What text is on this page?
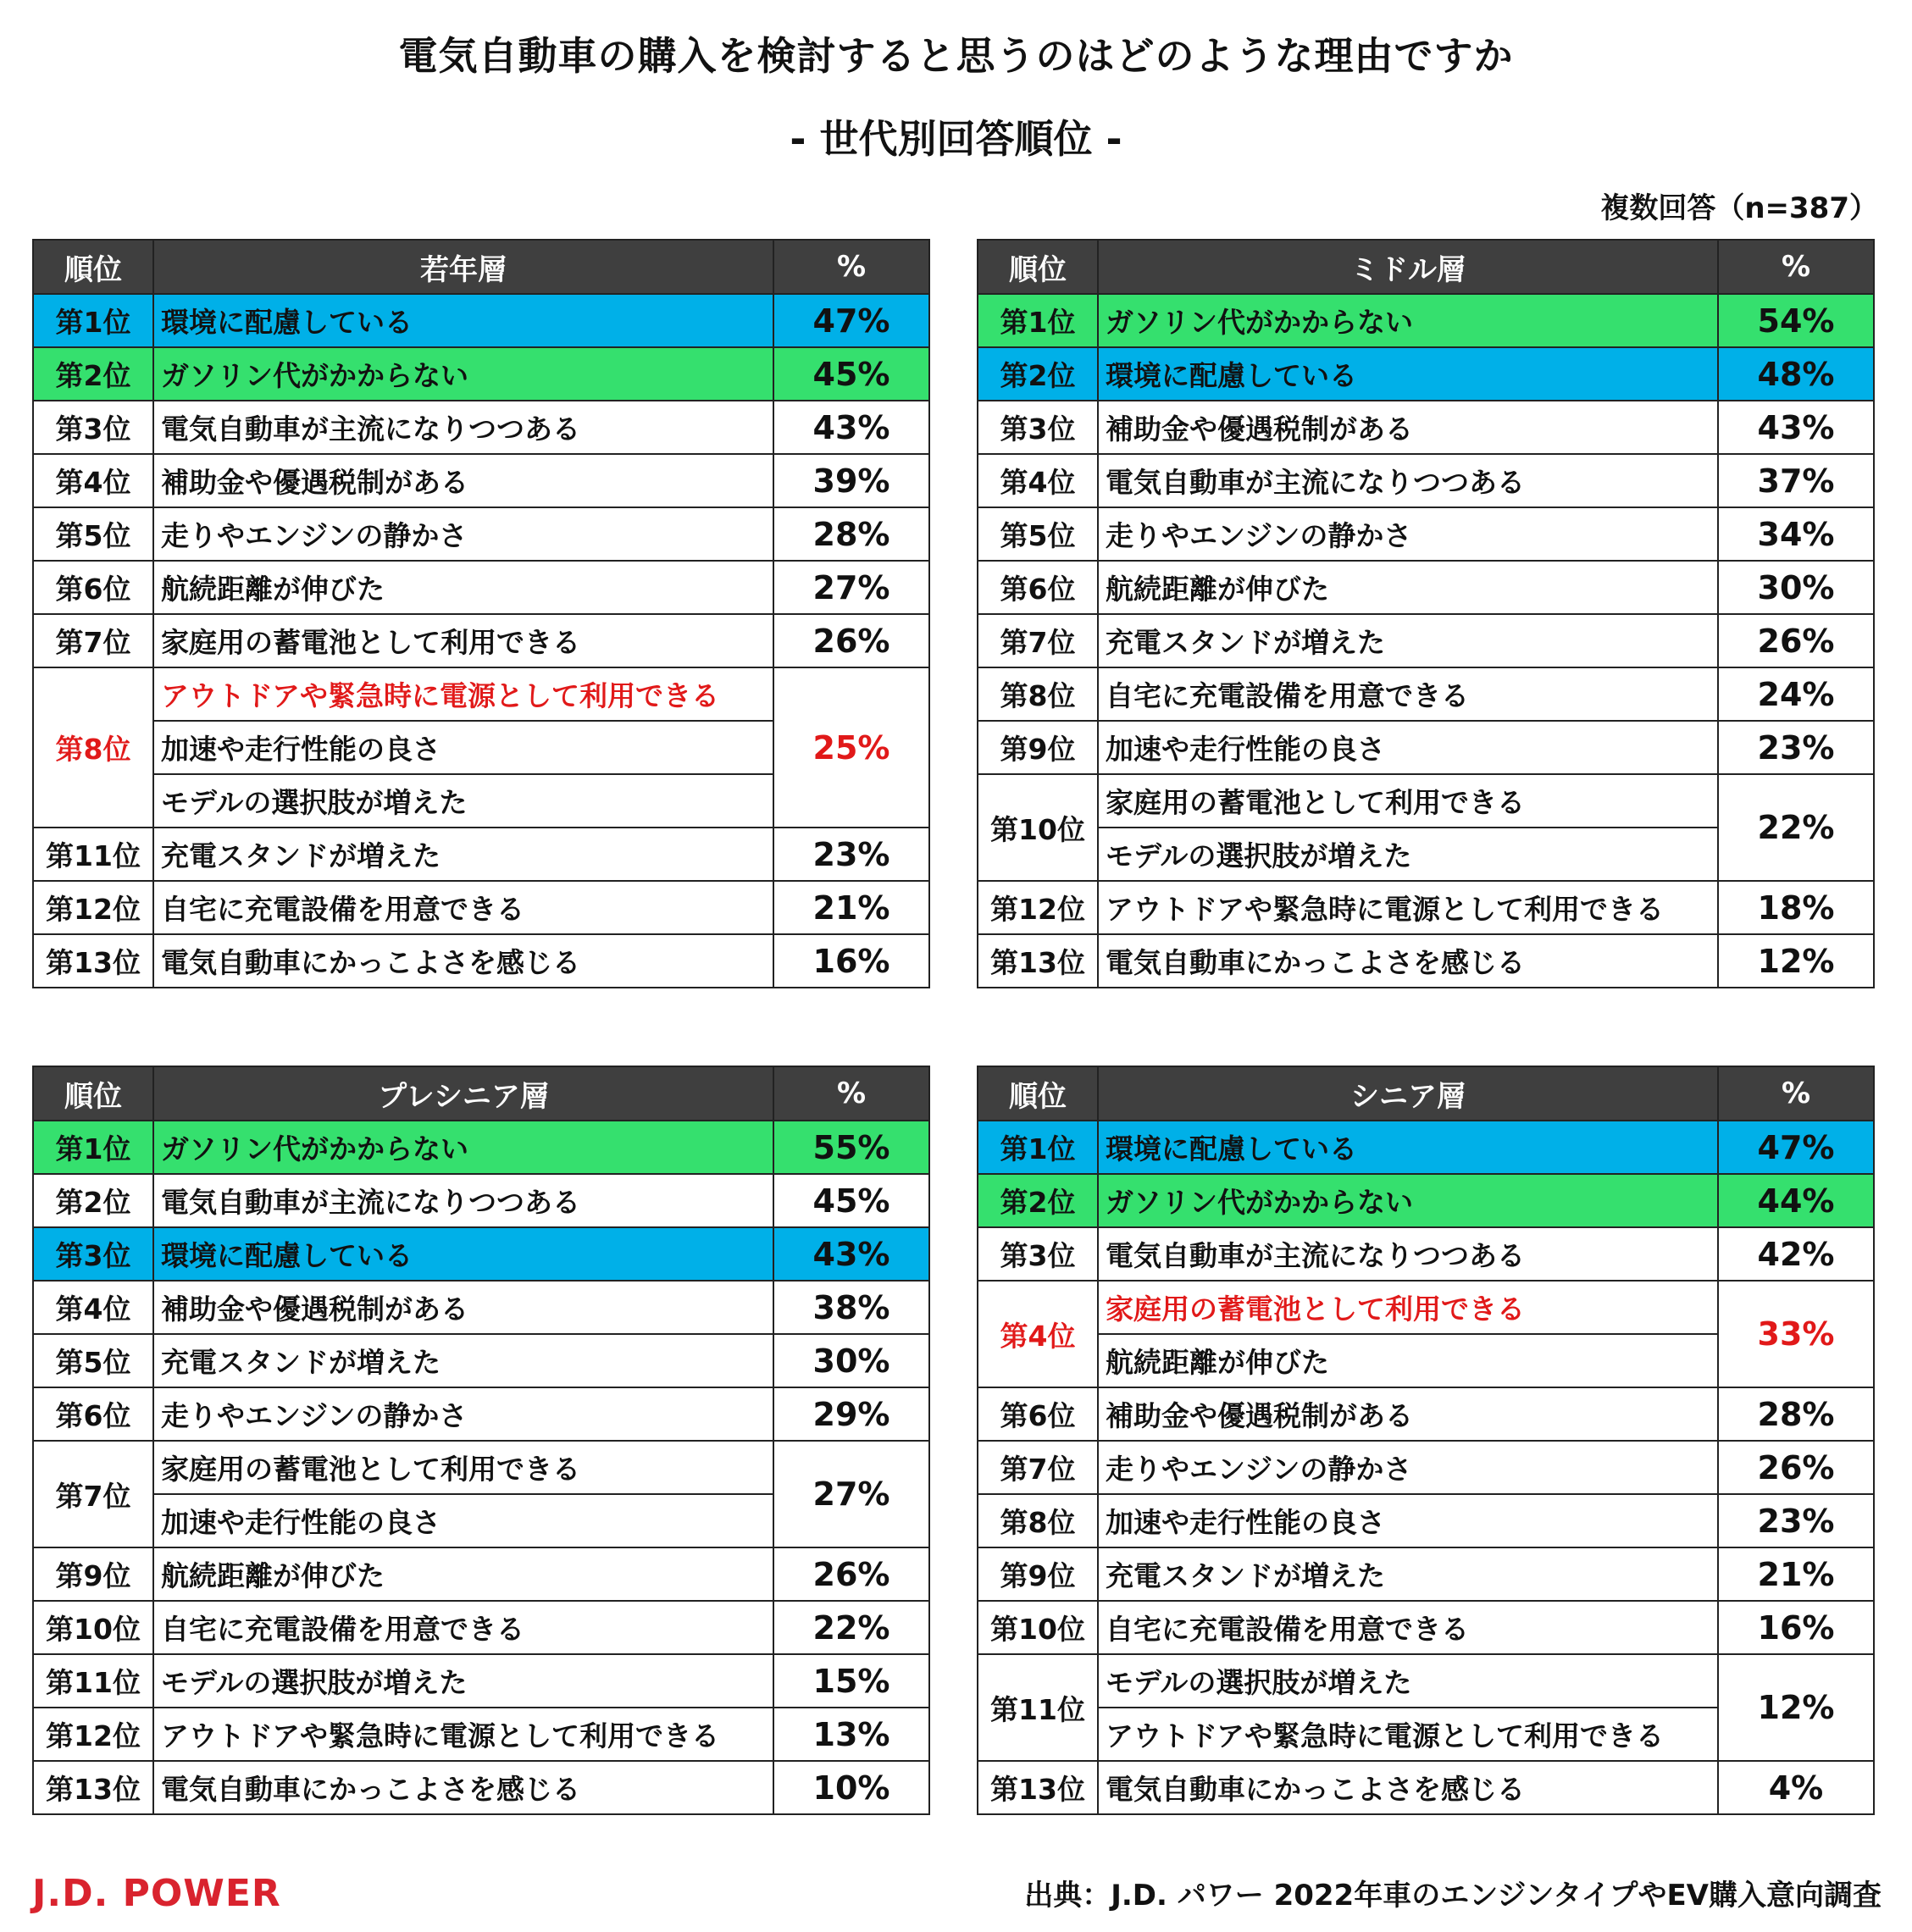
電気自動車の購入を検討すると思うのはどのような理由ですか
- 世代別回答順位 -
複数回答（n=387）
順位	若年層	%
第1位	環境に配慮している	47%
第2位	ガソリン代がかからない	45%
第3位	電気自動車が主流になりつつある	43%
第4位	補助金や優遇税制がある	39%
第5位	走りやエンジンの静かさ	28%
第6位	航続距離が伸びた	27%
第7位	家庭用の蓄電池として利用できる	26%
第8位	アウトドアや緊急時に電源として利用できる	25%
	加速や走行性能の良さ	
	モデルの選択肢が増えた	
第11位	充電スタンドが増えた	23%
第12位	自宅に充電設備を用意できる	21%
第13位	電気自動車にかっこよさを感じる	16%
順位	ミドル層	%
第1位	ガソリン代がかからない	54%
第2位	環境に配慮している	48%
第3位	補助金や優遇税制がある	43%
第4位	電気自動車が主流になりつつある	37%
第5位	走りやエンジンの静かさ	34%
第6位	航続距離が伸びた	30%
第7位	充電スタンドが増えた	26%
第8位	自宅に充電設備を用意できる	24%
第9位	加速や走行性能の良さ	23%
第10位	家庭用の蓄電池として利用できる	22%
	モデルの選択肢が増えた	
第12位	アウトドアや緊急時に電源として利用できる	18%
第13位	電気自動車にかっこよさを感じる	12%
順位	プレシニア層	%
第1位	ガソリン代がかからない	55%
第2位	電気自動車が主流になりつつある	45%
第3位	環境に配慮している	43%
第4位	補助金や優遇税制がある	38%
第5位	充電スタンドが増えた	30%
第6位	走りやエンジンの静かさ	29%
第7位	家庭用の蓄電池として利用できる	27%
	加速や走行性能の良さ	
第9位	航続距離が伸びた	26%
第10位	自宅に充電設備を用意できる	22%
第11位	モデルの選択肢が増えた	15%
第12位	アウトドアや緊急時に電源として利用できる	13%
第13位	電気自動車にかっこよさを感じる	10%
順位	シニア層	%
第1位	環境に配慮している	47%
第2位	ガソリン代がかからない	44%
第3位	電気自動車が主流になりつつある	42%
第4位	家庭用の蓄電池として利用できる	33%
	航続距離が伸びた	
第6位	補助金や優遇税制がある	28%
第7位	走りやエンジンの静かさ	26%
第8位	加速や走行性能の良さ	23%
第9位	充電スタンドが増えた	21%
第10位	自宅に充電設備を用意できる	16%
第11位	モデルの選択肢が増えた	12%
	アウトドアや緊急時に電源として利用できる	
第13位	電気自動車にかっこよさを感じる	4%
J.D. POWER	出典：J.D. パワー 2022年車のエンジンタイプやEV購入意向調査
